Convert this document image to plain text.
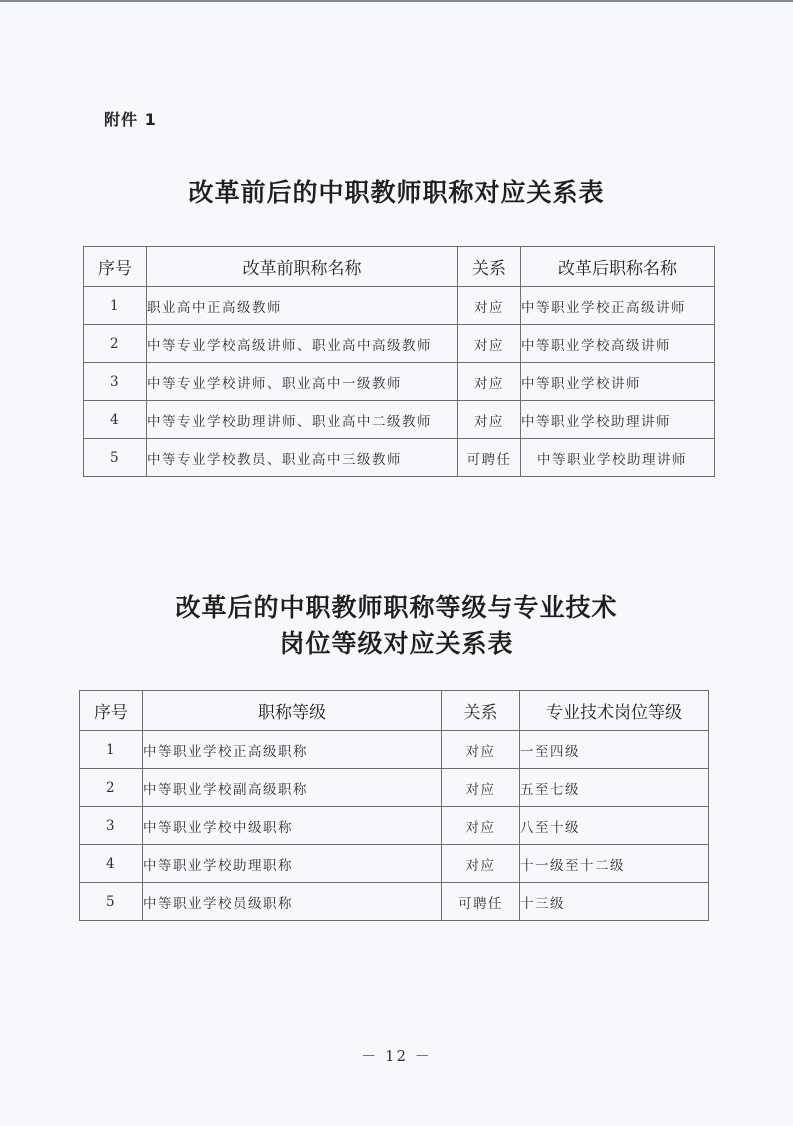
附件 1
改革前后的中职教师职称对应关系表
序号	改革前职称名称	关系	改革后职称名称
1	职业高中正高级教师	对应	中等职业学校正高级讲师
2	中等专业学校高级讲师、职业高中高级教师	对应	中等职业学校高级讲师
3	中等专业学校讲师、职业高中一级教师	对应	中等职业学校讲师
4	中等专业学校助理讲师、职业高中二级教师	对应	中等职业学校助理讲师
5	中等专业学校教员、职业高中三级教师	可聘任	中等职业学校助理讲师
改革后的中职教师职称等级与专业技术
岗位等级对应关系表
序号	职称等级	关系	专业技术岗位等级
1	中等职业学校正高级职称	对应	一至四级
2	中等职业学校副高级职称	对应	五至七级
3	中等职业学校中级职称	对应	八至十级
4	中等职业学校助理职称	对应	十一级至十二级
5	中等职业学校员级职称	可聘任	十三级
－ 12 －
